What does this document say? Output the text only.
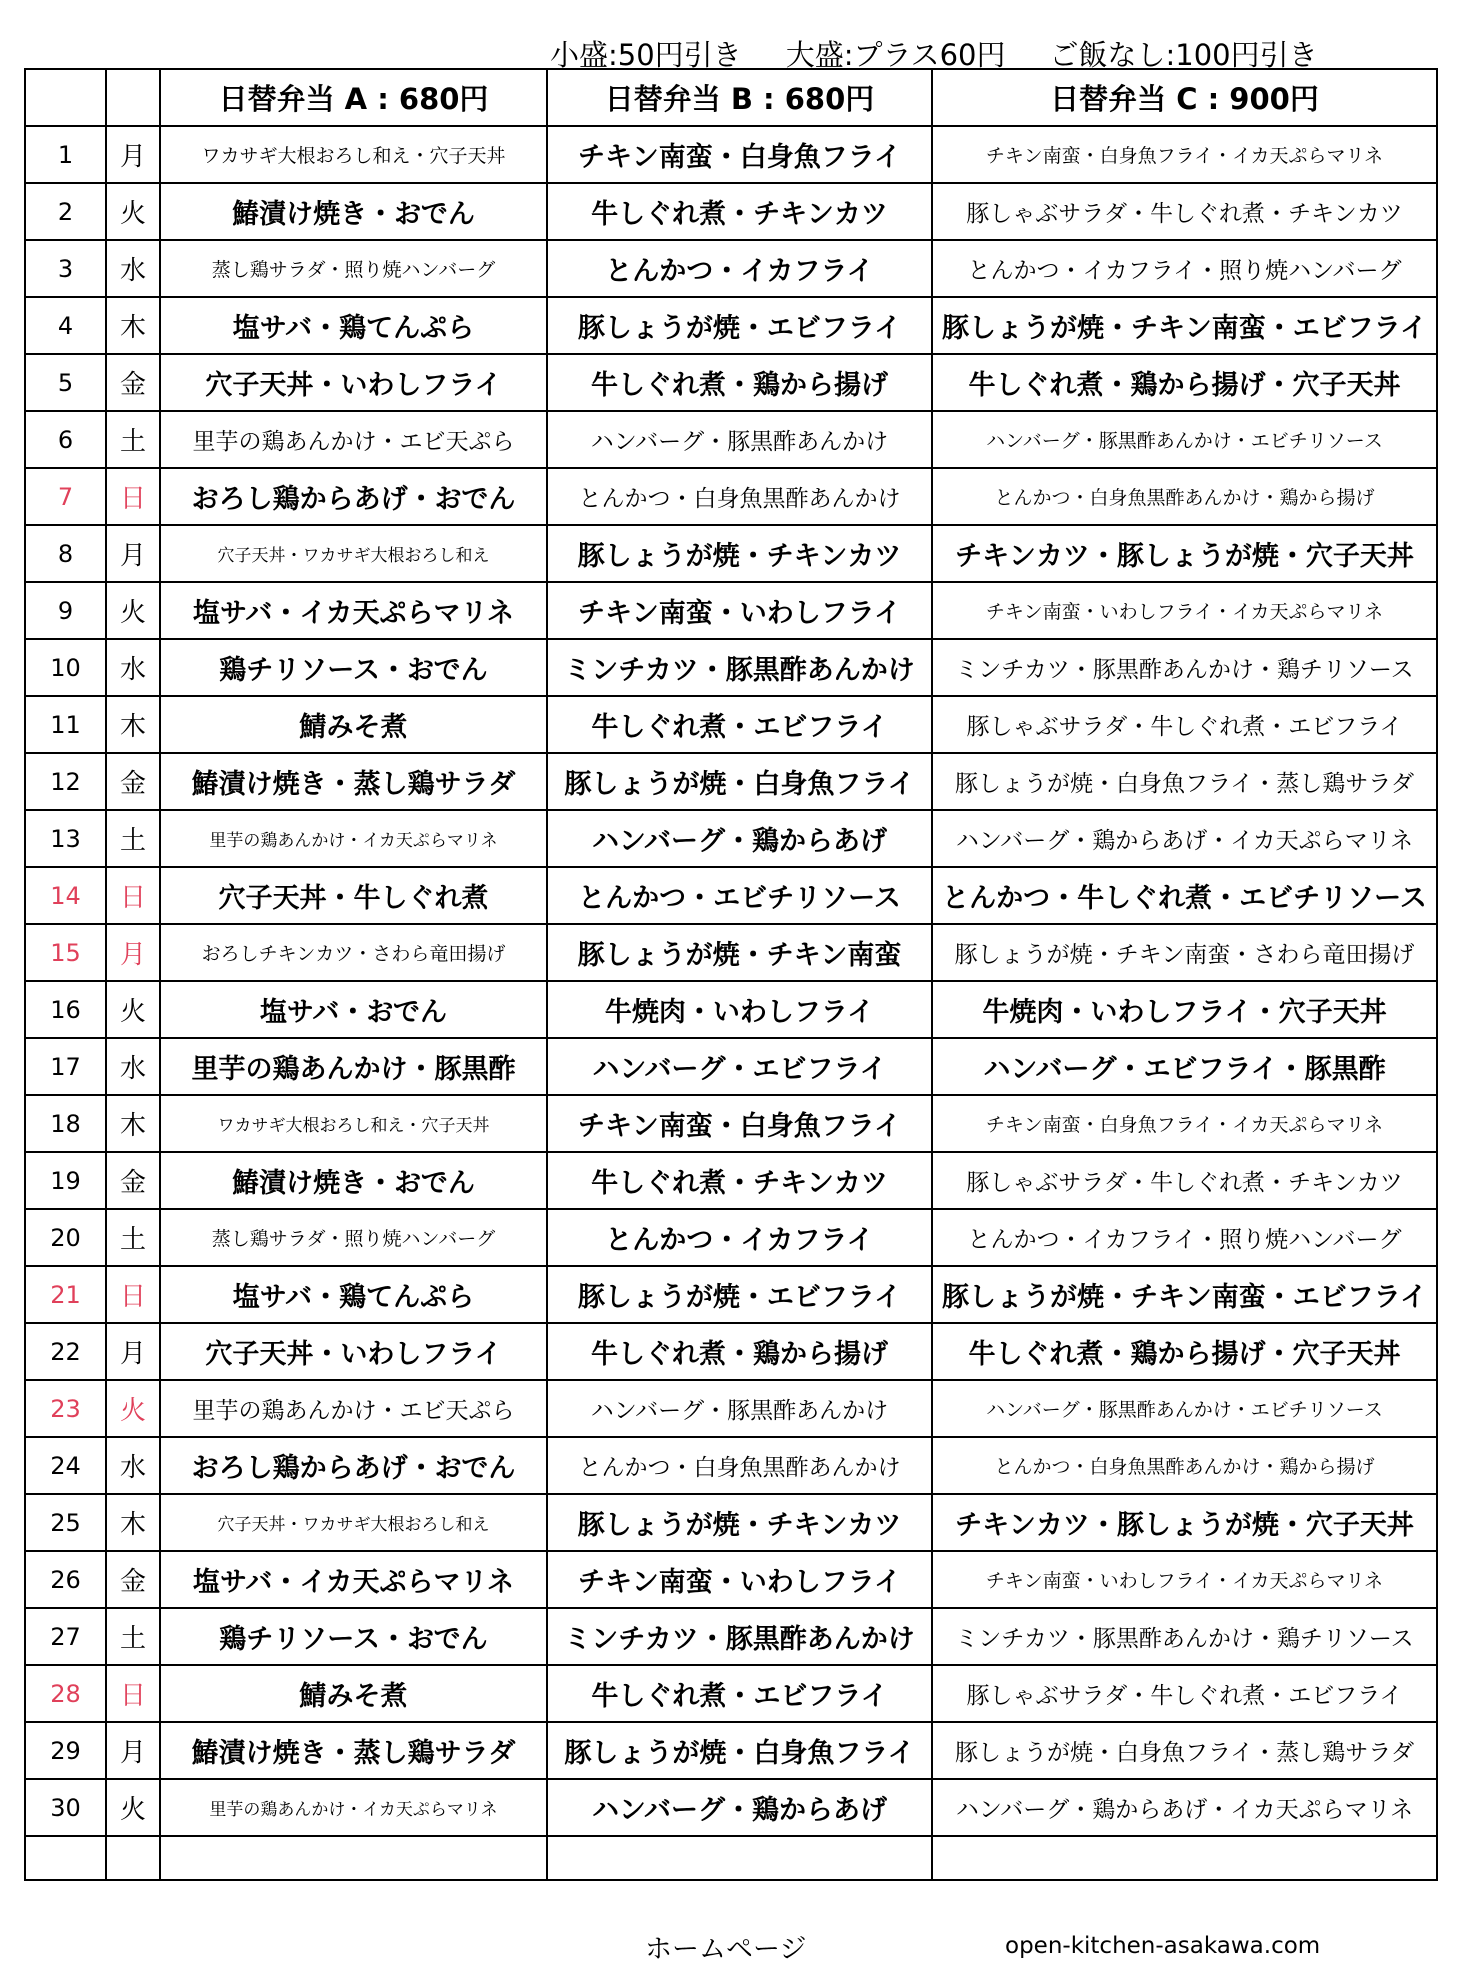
小盛:50円引き 大盛:プラス60円 ご飯なし:100円引き
		日替弁当 A : 680円	日替弁当 B : 680円	日替弁当 C : 900円
1	月	ワカサギ大根おろし和え・穴子天丼	チキン南蛮・白身魚フライ	チキン南蛮・白身魚フライ・イカ天ぷらマリネ
2	火	鰆漬け焼き・おでん	牛しぐれ煮・チキンカツ	豚しゃぶサラダ・牛しぐれ煮・チキンカツ
3	水	蒸し鶏サラダ・照り焼ハンバーグ	とんかつ・イカフライ	とんかつ・イカフライ・照り焼ハンバーグ
4	木	塩サバ・鶏てんぷら	豚しょうが焼・エビフライ	豚しょうが焼・チキン南蛮・エビフライ
5	金	穴子天丼・いわしフライ	牛しぐれ煮・鶏から揚げ	牛しぐれ煮・鶏から揚げ・穴子天丼
6	土	里芋の鶏あんかけ・エビ天ぷら	ハンバーグ・豚黒酢あんかけ	ハンバーグ・豚黒酢あんかけ・エビチリソース
7	日	おろし鶏からあげ・おでん	とんかつ・白身魚黒酢あんかけ	とんかつ・白身魚黒酢あんかけ・鶏から揚げ
8	月	穴子天丼・ワカサギ大根おろし和え	豚しょうが焼・チキンカツ	チキンカツ・豚しょうが焼・穴子天丼
9	火	塩サバ・イカ天ぷらマリネ	チキン南蛮・いわしフライ	チキン南蛮・いわしフライ・イカ天ぷらマリネ
10	水	鶏チリソース・おでん	ミンチカツ・豚黒酢あんかけ	ミンチカツ・豚黒酢あんかけ・鶏チリソース
11	木	鯖みそ煮	牛しぐれ煮・エビフライ	豚しゃぶサラダ・牛しぐれ煮・エビフライ
12	金	鰆漬け焼き・蒸し鶏サラダ	豚しょうが焼・白身魚フライ	豚しょうが焼・白身魚フライ・蒸し鶏サラダ
13	土	里芋の鶏あんかけ・イカ天ぷらマリネ	ハンバーグ・鶏からあげ	ハンバーグ・鶏からあげ・イカ天ぷらマリネ
14	日	穴子天丼・牛しぐれ煮	とんかつ・エビチリソース	とんかつ・牛しぐれ煮・エビチリソース
15	月	おろしチキンカツ・さわら竜田揚げ	豚しょうが焼・チキン南蛮	豚しょうが焼・チキン南蛮・さわら竜田揚げ
16	火	塩サバ・おでん	牛焼肉・いわしフライ	牛焼肉・いわしフライ・穴子天丼
17	水	里芋の鶏あんかけ・豚黒酢	ハンバーグ・エビフライ	ハンバーグ・エビフライ・豚黒酢
18	木	ワカサギ大根おろし和え・穴子天丼	チキン南蛮・白身魚フライ	チキン南蛮・白身魚フライ・イカ天ぷらマリネ
19	金	鰆漬け焼き・おでん	牛しぐれ煮・チキンカツ	豚しゃぶサラダ・牛しぐれ煮・チキンカツ
20	土	蒸し鶏サラダ・照り焼ハンバーグ	とんかつ・イカフライ	とんかつ・イカフライ・照り焼ハンバーグ
21	日	塩サバ・鶏てんぷら	豚しょうが焼・エビフライ	豚しょうが焼・チキン南蛮・エビフライ
22	月	穴子天丼・いわしフライ	牛しぐれ煮・鶏から揚げ	牛しぐれ煮・鶏から揚げ・穴子天丼
23	火	里芋の鶏あんかけ・エビ天ぷら	ハンバーグ・豚黒酢あんかけ	ハンバーグ・豚黒酢あんかけ・エビチリソース
24	水	おろし鶏からあげ・おでん	とんかつ・白身魚黒酢あんかけ	とんかつ・白身魚黒酢あんかけ・鶏から揚げ
25	木	穴子天丼・ワカサギ大根おろし和え	豚しょうが焼・チキンカツ	チキンカツ・豚しょうが焼・穴子天丼
26	金	塩サバ・イカ天ぷらマリネ	チキン南蛮・いわしフライ	チキン南蛮・いわしフライ・イカ天ぷらマリネ
27	土	鶏チリソース・おでん	ミンチカツ・豚黒酢あんかけ	ミンチカツ・豚黒酢あんかけ・鶏チリソース
28	日	鯖みそ煮	牛しぐれ煮・エビフライ	豚しゃぶサラダ・牛しぐれ煮・エビフライ
29	月	鰆漬け焼き・蒸し鶏サラダ	豚しょうが焼・白身魚フライ	豚しょうが焼・白身魚フライ・蒸し鶏サラダ
30	火	里芋の鶏あんかけ・イカ天ぷらマリネ	ハンバーグ・鶏からあげ	ハンバーグ・鶏からあげ・イカ天ぷらマリネ

ホームページ	open-kitchen-asakawa.com
